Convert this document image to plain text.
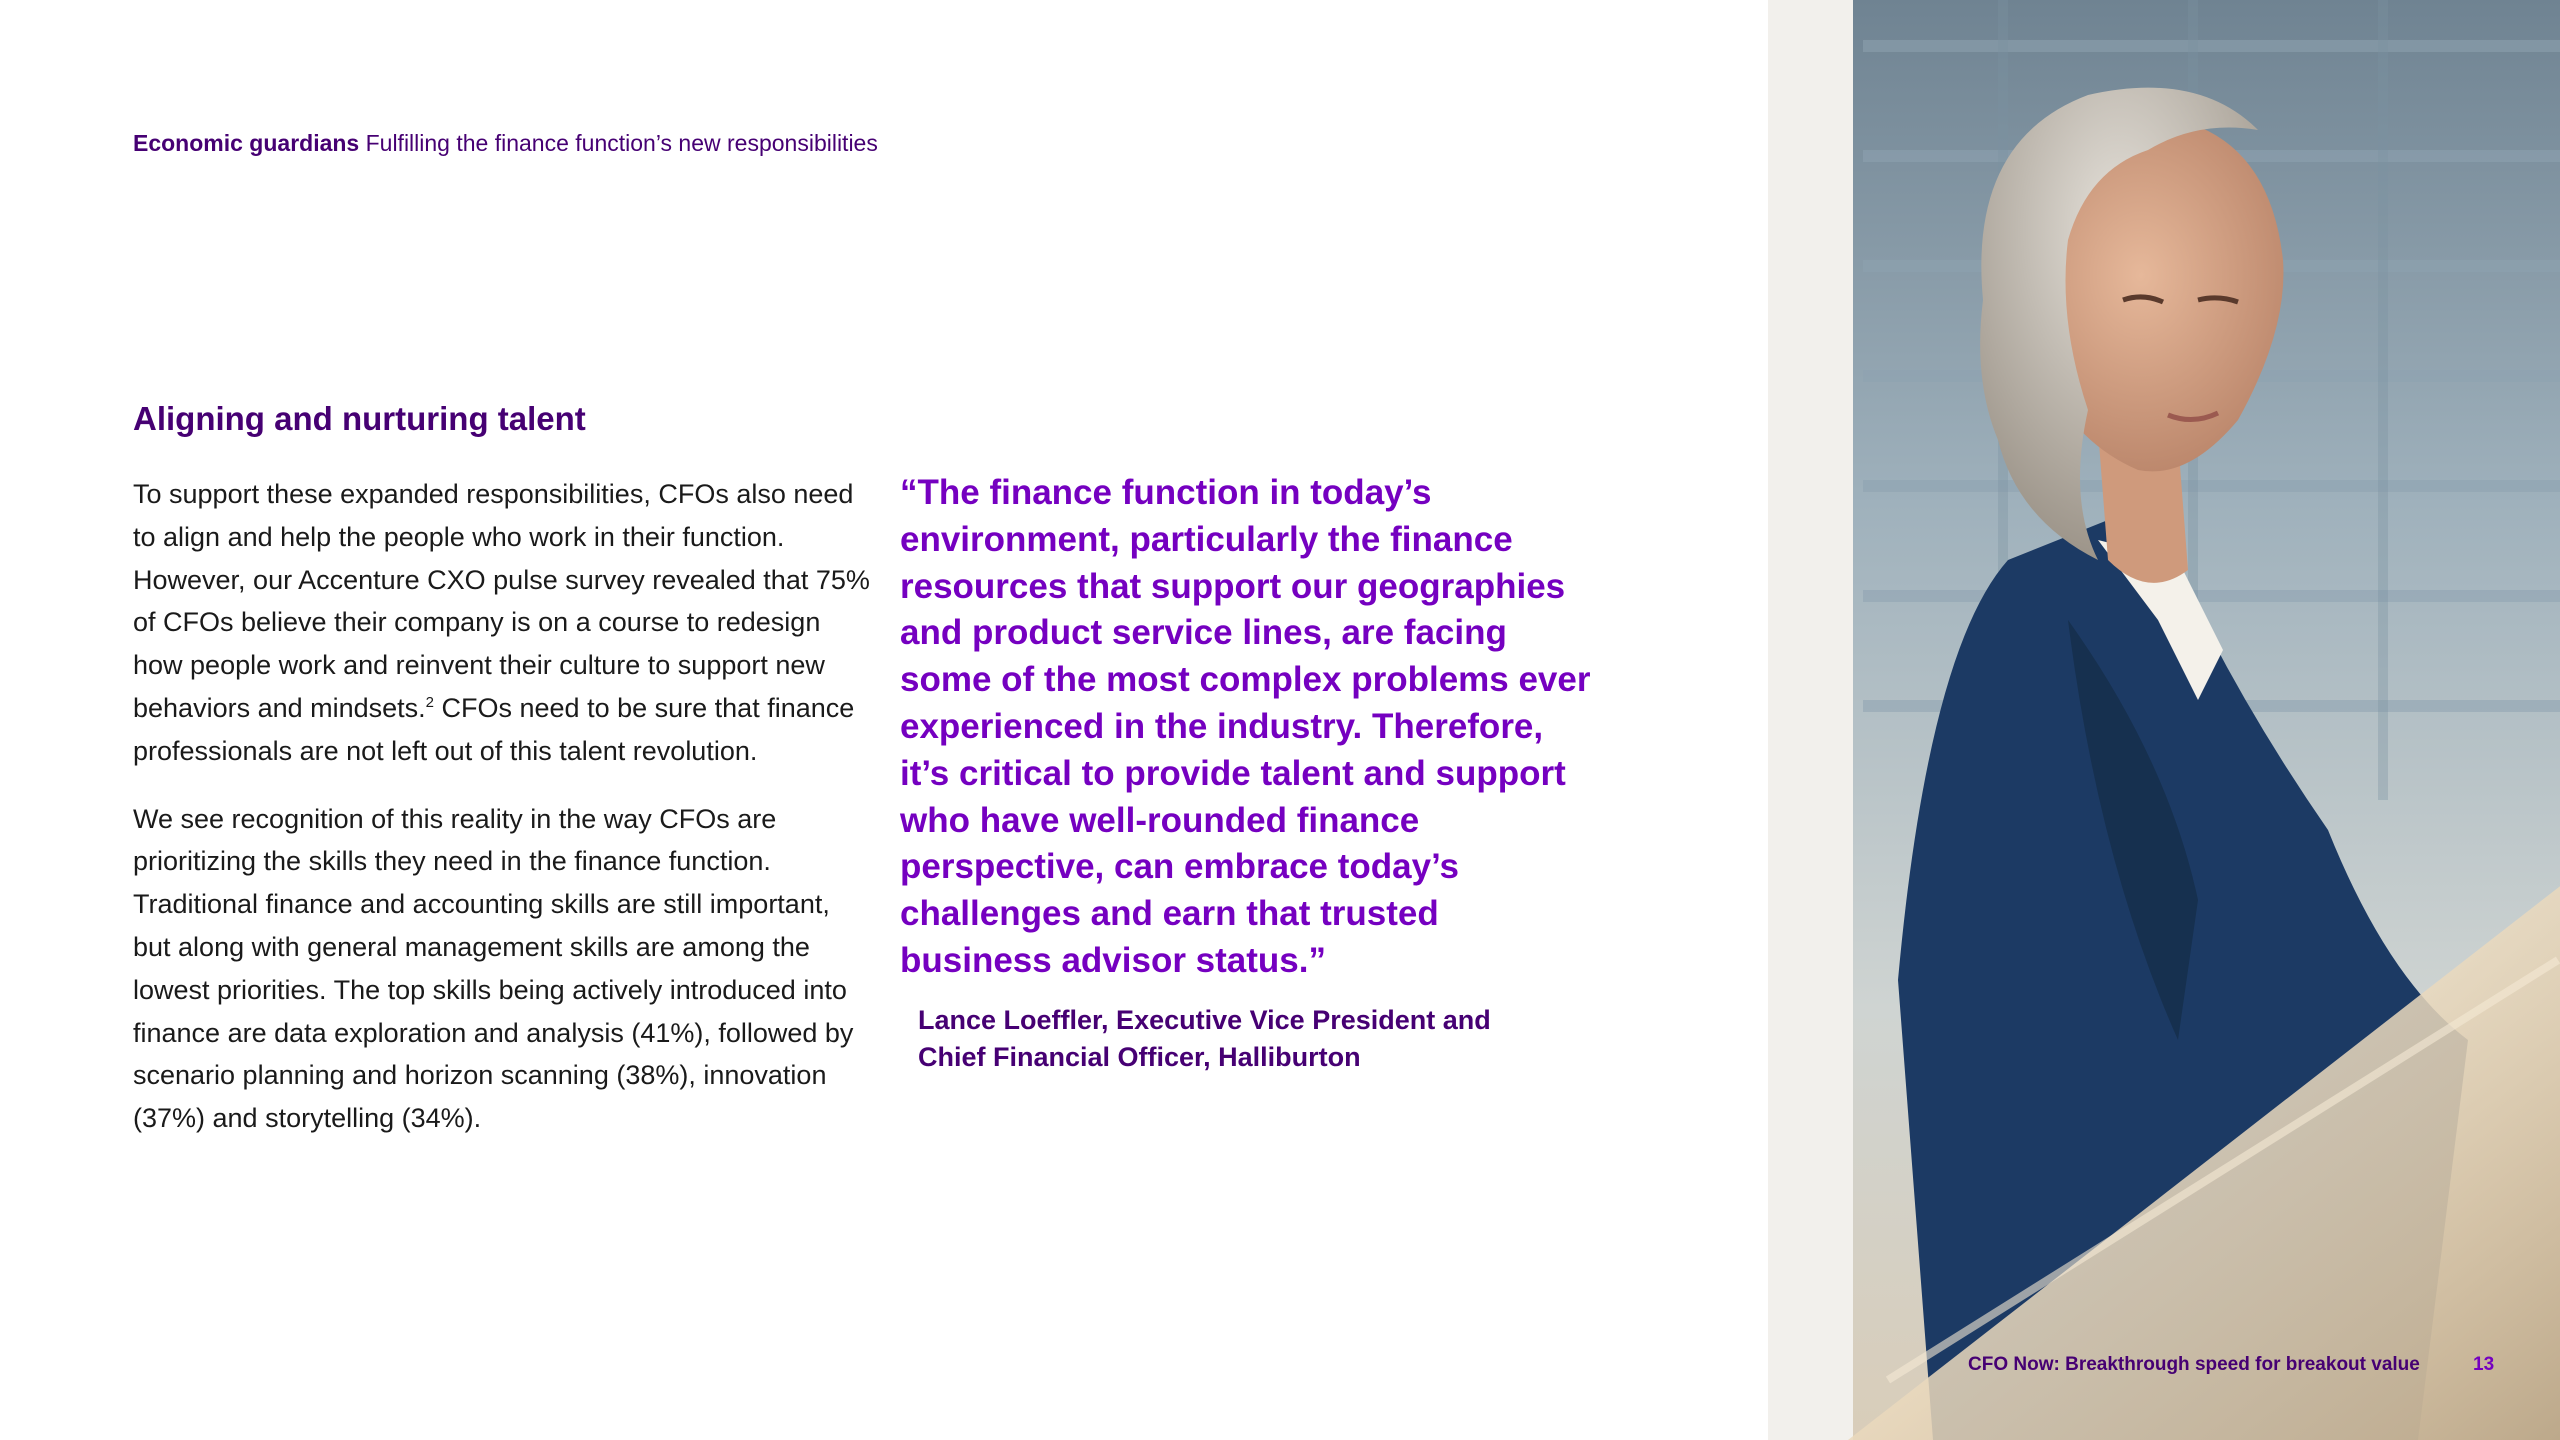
Economic guardians Fulfilling the finance function’s new responsibilities
Aligning and nurturing talent

To support these expanded responsibilities, CFOs also need to align and help the people who work in their function. However, our Accenture CXO pulse survey revealed that 75% of CFOs believe their company is on a course to redesign how people work and reinvent their culture to support new behaviors and mindsets.$^2$ CFOs need to be sure that finance professionals are not left out of this talent revolution.

We see recognition of this reality in the way CFOs are prioritizing the skills they need in the finance function. Traditional finance and accounting skills are still important, but along with general management skills are among the lowest priorities. The top skills being actively introduced into finance are data exploration and analysis (41%), followed by scenario planning and horizon scanning (38%), innovation (37%) and storytelling (34%).

“The finance function in today’s environment, particularly the finance resources that support our geographies and product service lines, are facing some of the most complex problems ever experienced in the industry. Therefore, it’s critical to provide talent and support who have well-rounded finance perspective, can embrace today’s challenges and earn that trusted business advisor status.”

Lance Loeffler, Executive Vice President and Chief Financial Officer, Halliburton
CFO Now: Breakthrough speed for breakout value	13
